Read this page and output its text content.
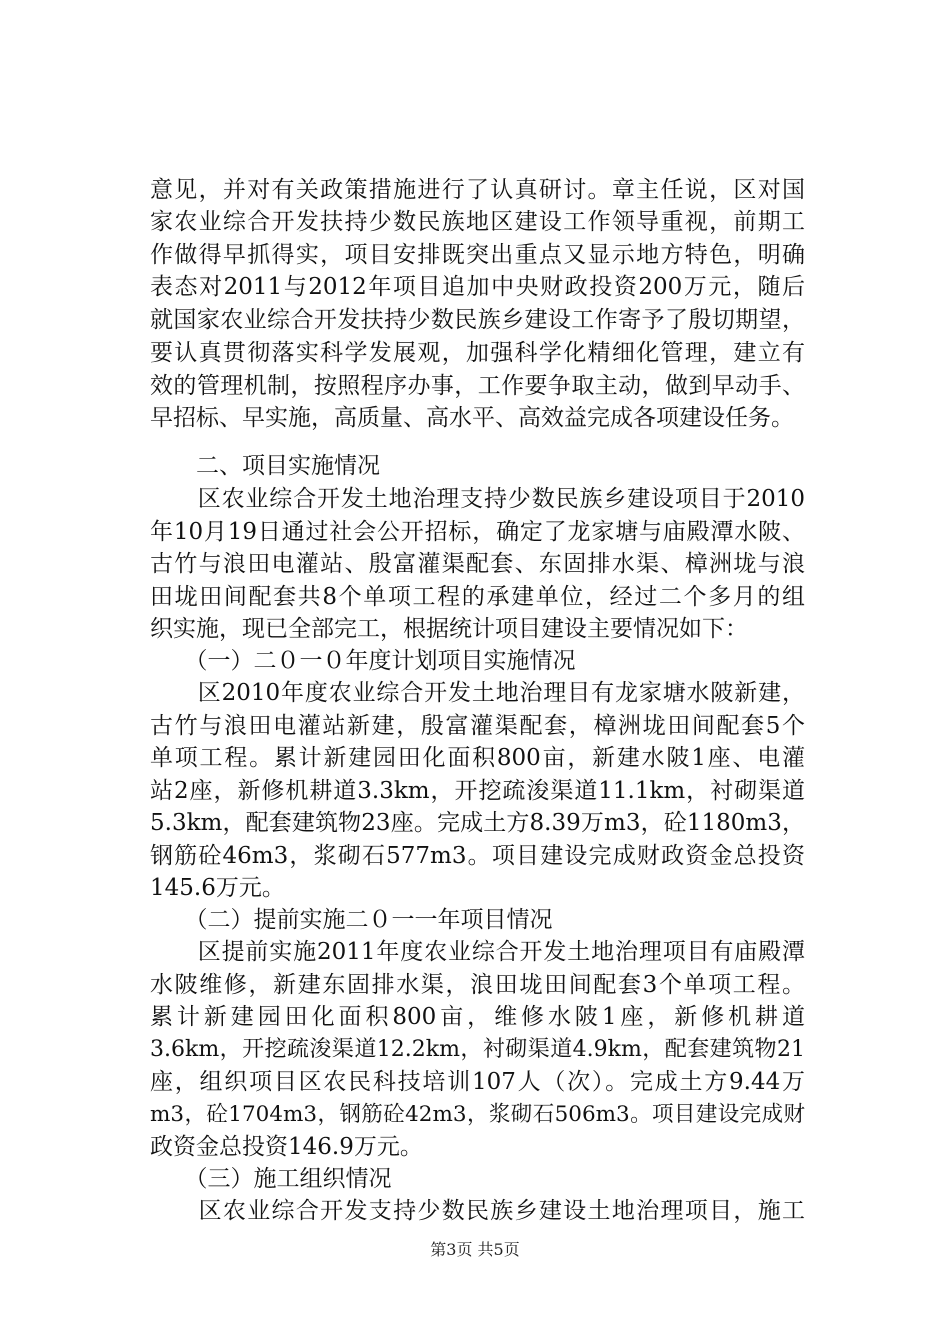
意见，并对有关政策措施进行了认真研讨。章主任说，区对国
家农业综合开发扶持少数民族地区建设工作领导重视，前期工
作做得早抓得实，项目安排既突出重点又显示地方特色，明确
表态对2011与2012年项目追加中央财政投资200万元，随后
就国家农业综合开发扶持少数民族乡建设工作寄予了殷切期望，
要认真贯彻落实科学发展观，加强科学化精细化管理，建立有
效的管理机制，按照程序办事，工作要争取主动，做到早动手、
早招标、早实施，高质量、高水平、高效益完成各项建设任务。
　　二、项目实施情况
　　区农业综合开发土地治理支持少数民族乡建设项目于2010
年10月19日通过社会公开招标，确定了龙家塘与庙殿潭水陂、
古竹与浪田电灌站、殷富灌渠配套、东固排水渠、樟洲垅与浪
田垅田间配套共8个单项工程的承建单位，经过二个多月的组
织实施，现已全部完工，根据统计项目建设主要情况如下：
　　（一）二０一０年度计划项目实施情况
　　区2010年度农业综合开发土地治理目有龙家塘水陂新建，
古竹与浪田电灌站新建，殷富灌渠配套，樟洲垅田间配套5个
单项工程。累计新建园田化面积800亩，新建水陂1座、电灌
站2座，新修机耕道3.3km，开挖疏浚渠道11.1km，衬砌渠道
5.3km，配套建筑物23座。完成土方8.39万m3，砼1180m3，
钢筋砼46m3，浆砌石577m3。项目建设完成财政资金总投资
145.6万元。
　　（二）提前实施二０一一年项目情况
　　区提前实施2011年度农业综合开发土地治理项目有庙殿潭
水陂维修，新建东固排水渠，浪田垅田间配套3个单项工程。
累计新建园田化面积800亩，维修水陂1座，新修机耕道
3.6km，开挖疏浚渠道12.2km，衬砌渠道4.9km，配套建筑物21
座，组织项目区农民科技培训107人（次）。完成土方9.44万
m3，砼1704m3，钢筋砼42m3，浆砌石506m3。项目建设完成财
政资金总投资146.9万元。
　　（三）施工组织情况
　　区农业综合开发支持少数民族乡建设土地治理项目，施工
第3页 共5页
